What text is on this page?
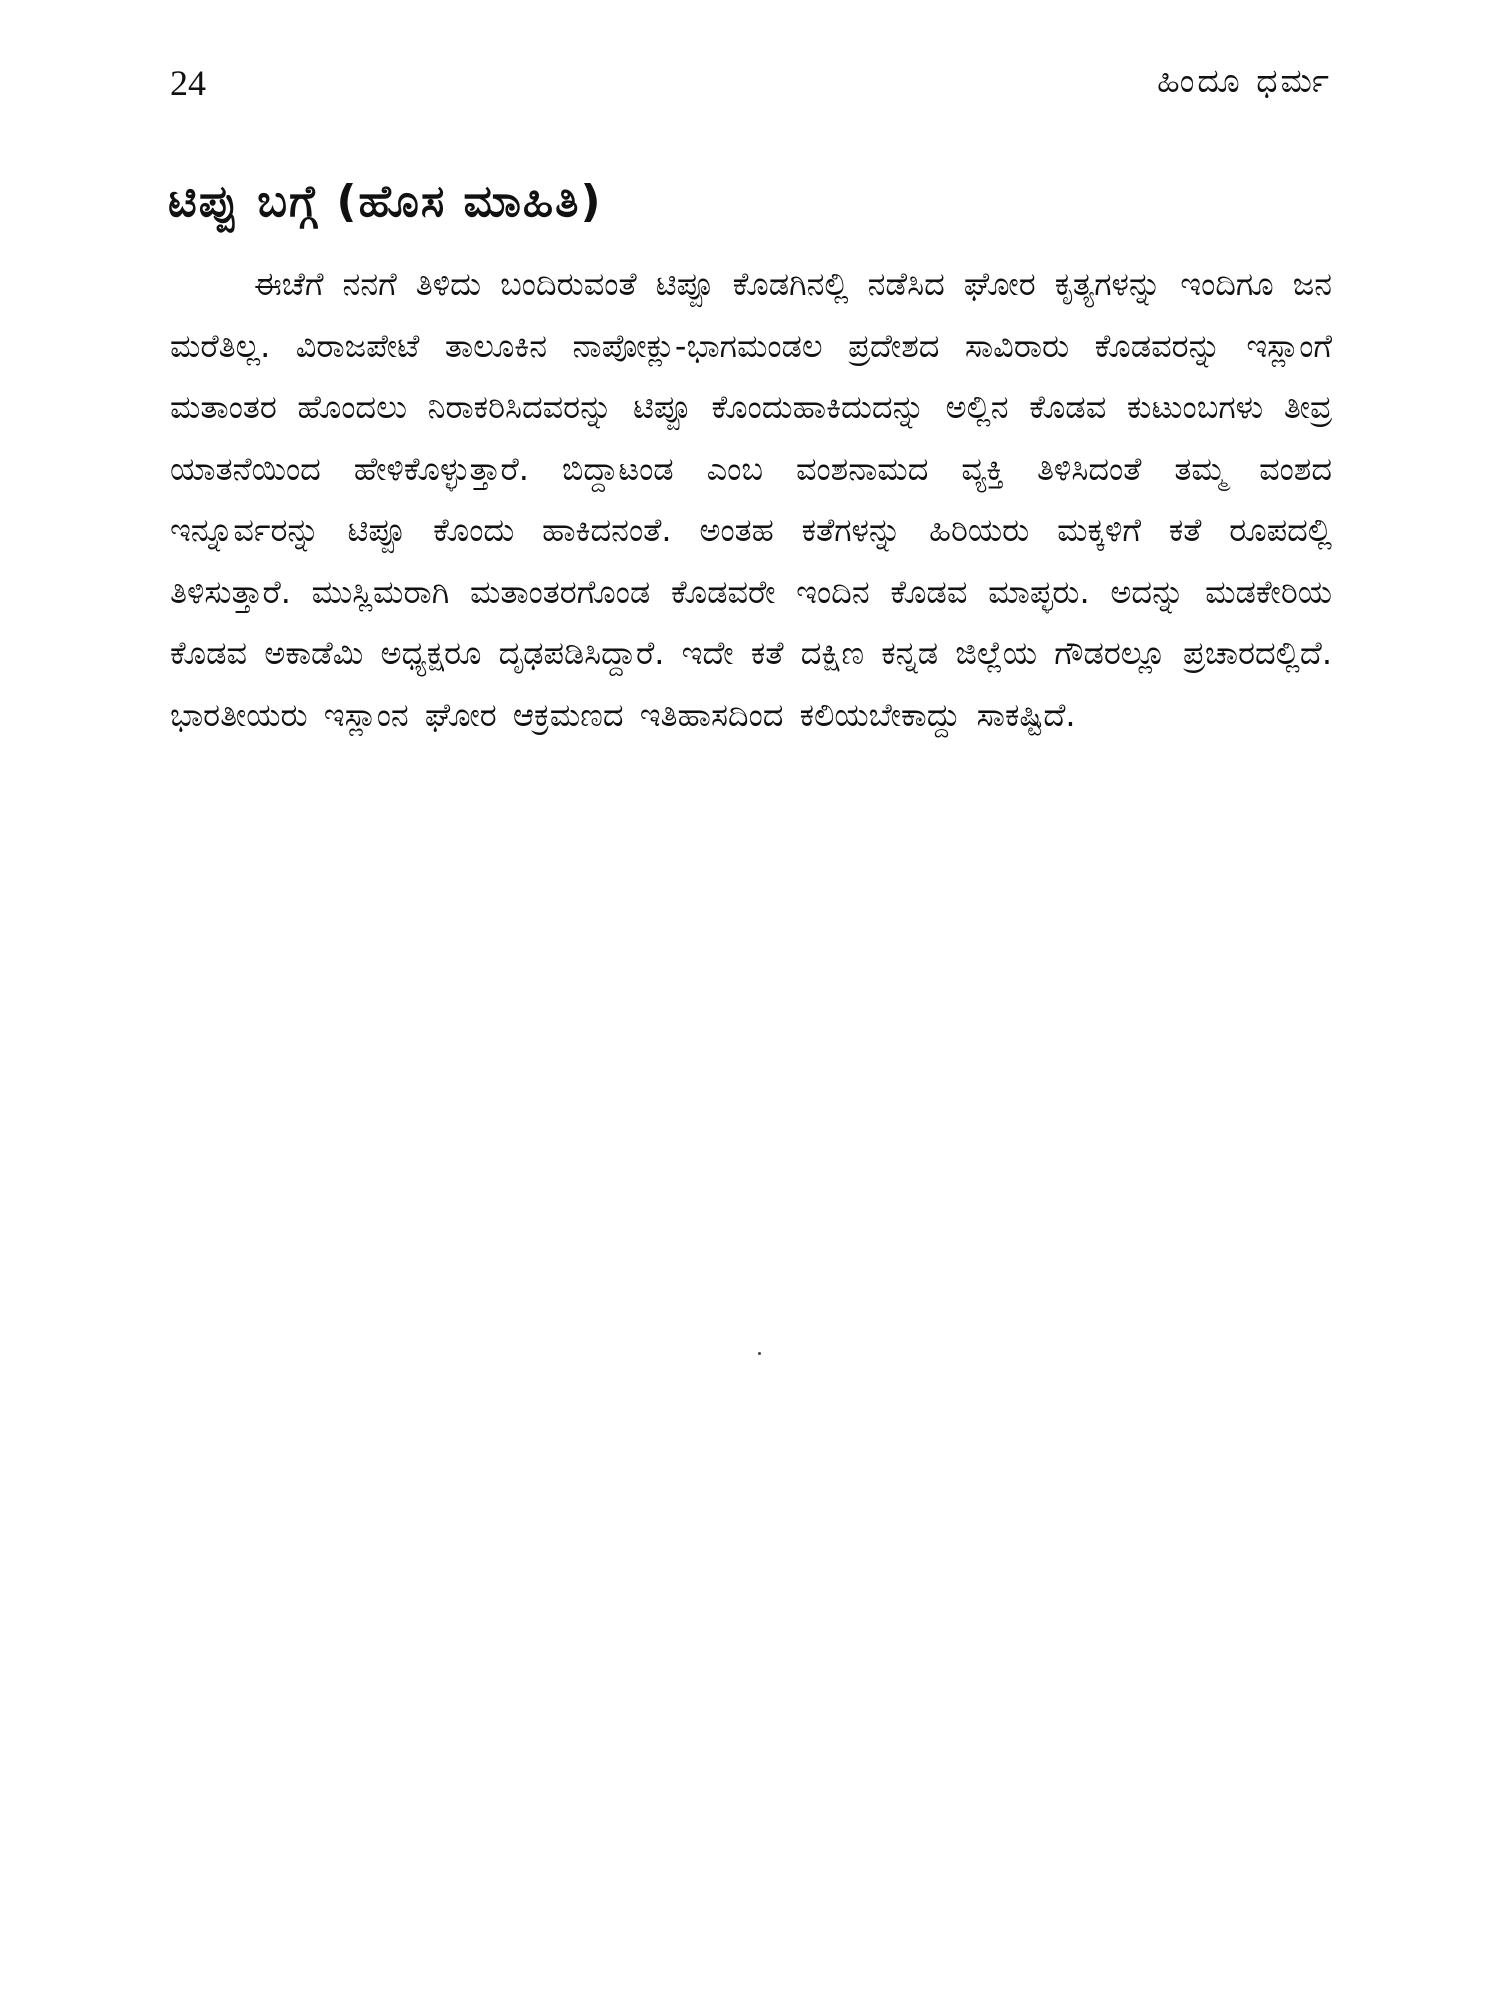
24	ಹಿಂದೂ ಧರ್ಮ
ಟಿಪ್ಪು ಬಗ್ಗೆ (ಹೊಸ ಮಾಹಿತಿ)

ಈಚೆಗೆ ನನಗೆ ತಿಳಿದು ಬಂದಿರುವಂತೆ ಟಿಪ್ಪೂ ಕೊಡಗಿನಲ್ಲಿ ನಡೆಸಿದ ಘೋರ ಕೃತ್ಯಗಳನ್ನು ಇಂದಿಗೂ ಜನ ಮರೆತಿಲ್ಲ. ವಿರಾಜಪೇಟೆ ತಾಲೂಕಿನ ನಾಪೋಕ್ಲು-ಭಾಗಮಂಡಲ ಪ್ರದೇಶದ ಸಾವಿರಾರು ಕೊಡವರನ್ನು ಇಸ್ಲಾಂಗೆ ಮತಾಂತರ ಹೊಂದಲು ನಿರಾಕರಿಸಿದವರನ್ನು ಟಿಪ್ಪೂ ಕೊಂದುಹಾಕಿದುದನ್ನು ಅಲ್ಲಿನ ಕೊಡವ ಕುಟುಂಬಗಳು ತೀವ್ರ ಯಾತನೆಯಿಂದ ಹೇಳಿಕೊಳ್ಳುತ್ತಾರೆ. ಬಿದ್ದಾಟಂಡ ಎಂಬ ವಂಶನಾಮದ ವ್ಯಕ್ತಿ ತಿಳಿಸಿದಂತೆ ತಮ್ಮ ವಂಶದ ಇನ್ನೂರ್ವರನ್ನು ಟಿಪ್ಪೂ ಕೊಂದು ಹಾಕಿದನಂತೆ. ಅಂತಹ ಕತೆಗಳನ್ನು ಹಿರಿಯರು ಮಕ್ಕಳಿಗೆ ಕತೆ ರೂಪದಲ್ಲಿ ತಿಳಿಸುತ್ತಾರೆ. ಮುಸ್ಲಿಮರಾಗಿ ಮತಾಂತರಗೊಂಡ ಕೊಡವರೇ ಇಂದಿನ ಕೊಡವ ಮಾಪ್ಳರು. ಅದನ್ನು ಮಡಕೇರಿಯ ಕೊಡವ ಅಕಾಡೆಮಿ ಅಧ್ಯಕ್ಷರೂ ದೃಢಪಡಿಸಿದ್ದಾರೆ. ಇದೇ ಕತೆ ದಕ್ಷಿಣ ಕನ್ನಡ ಜಿಲ್ಲೆಯ ಗೌಡರಲ್ಲೂ ಪ್ರಚಾರದಲ್ಲಿದೆ. ಭಾರತೀಯರು ಇಸ್ಲಾಂನ ಘೋರ ಆಕ್ರಮಣದ ಇತಿಹಾಸದಿಂದ ಕಲಿಯಬೇಕಾದ್ದು ಸಾಕಷ್ಟಿದೆ.
